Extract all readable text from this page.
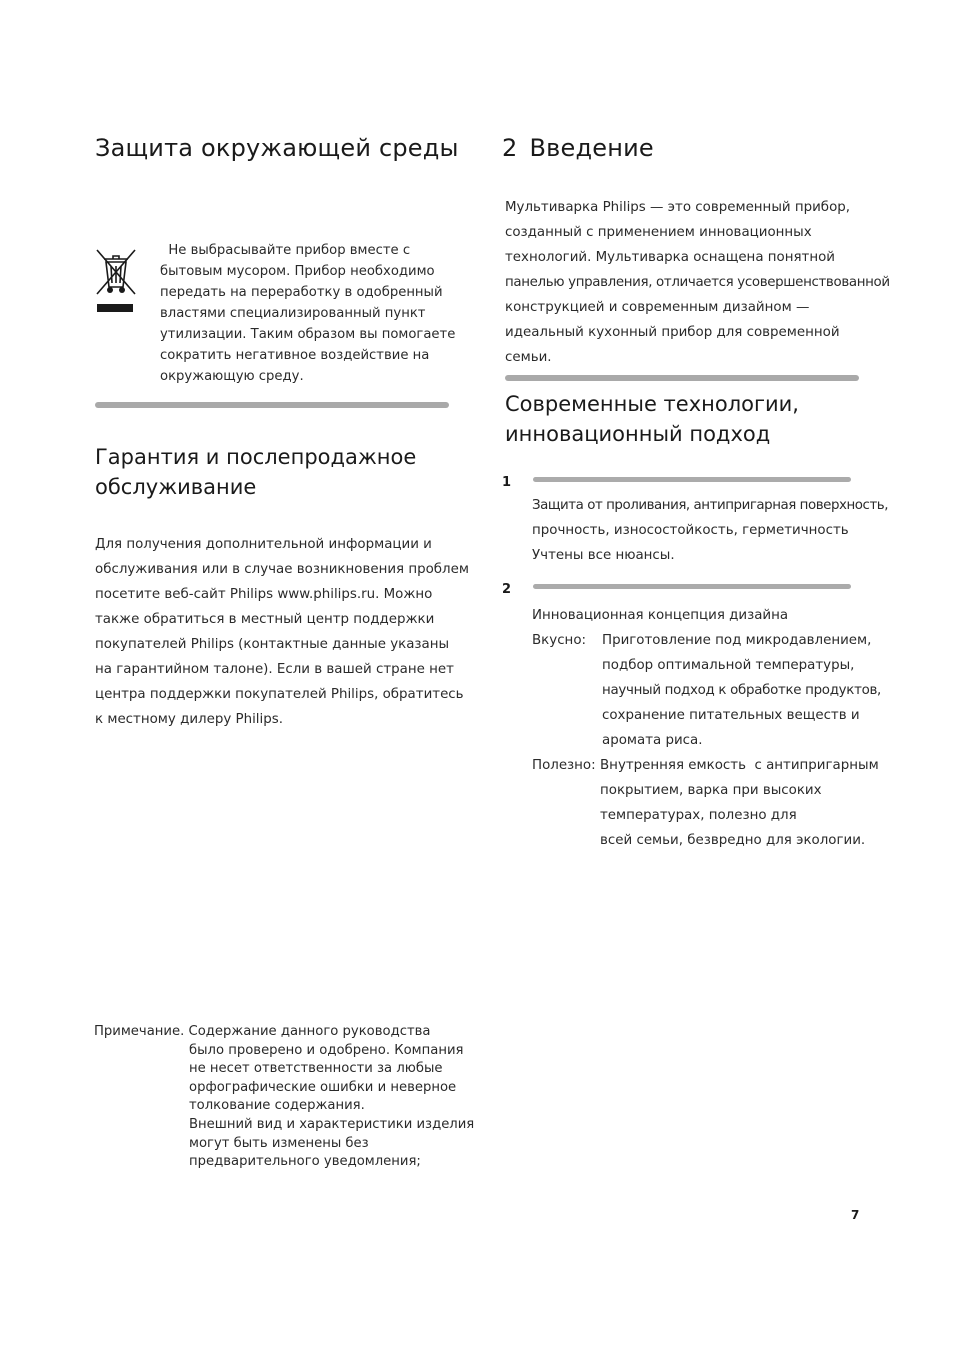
Защита окружающей среды
Не выбрасывайте прибор вместе с
бытовым мусором. Прибор необходимо
передать на переработку в одобренный
властями специализированный пункт
утилизации. Таким образом вы помогаете
сократить негативное воздействие на
окружающую среду.
Гарантия и послепродажное
обслуживание
Для получения дополнительной информации и
обслуживания или в случае возникновения проблем
посетите веб-сайт Philips www.philips.ru. Можно
также обратиться в местный центр поддержки
покупателей Philips (контактные данные указаны
на гарантийном талоне). Если в вашей стране нет
центра поддержки покупателей Philips, обратитесь
к местному дилеру Philips.
Примечание. Содержание данного руководства
было проверено и одобрено. Компания
не несет ответственности за любые
орфографические ошибки и неверное
толкование содержания.
Внешний вид и характеристики изделия
могут быть изменены без
предварительного уведомления;
2 Введение
Мультиварка Philips — это современный прибор,
созданный с применением инновационных
технологий. Мультиварка оснащена понятной
панелью управления, отличается усовершенствованной
конструкцией и современным дизайном —
идеальный кухонный прибор для современной
семьи.
Современные технологии,
инновационный подход
1
Защита от проливания, антипригарная поверхность,
прочность, износостойкость, герметичность
Учтены все нюансы.
2
Инновационная концепция дизайна
Вкусно: Приготовление под микродавлением,
подбор оптимальной температуры,
научный подход к обработке продуктов,
сохранение питательных веществ и
аромата риса.
Полезно: Внутренняя емкость  с антипригарным
покрытием, варка при высоких
температурах, полезно для
всей семьи, безвредно для экологии.
7
